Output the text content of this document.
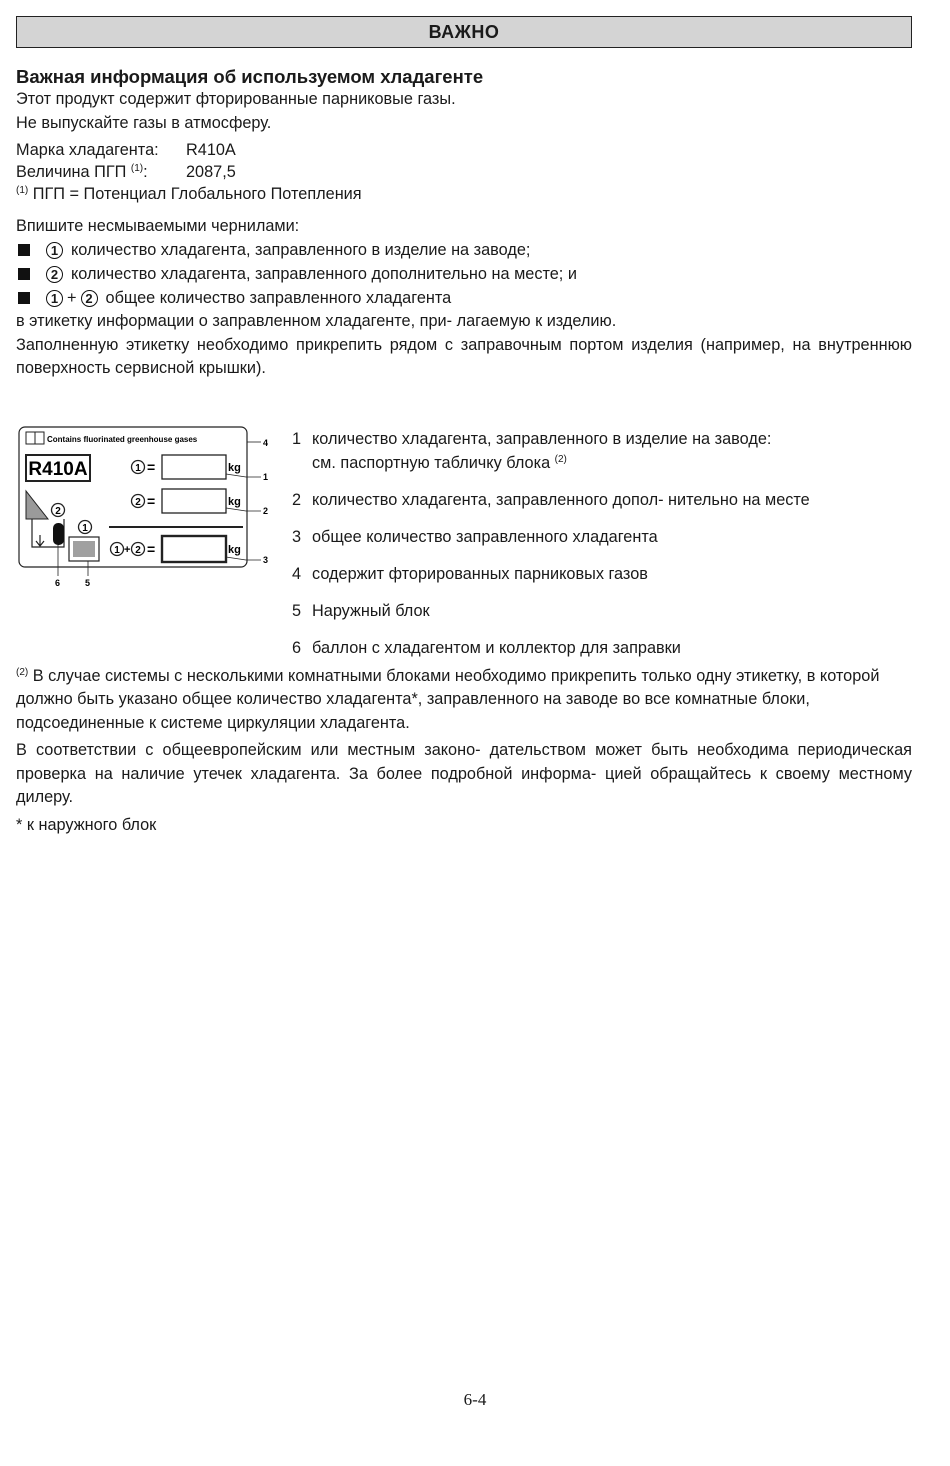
ВАЖНО
Важная информация об используемом хладагенте
Этот продукт содержит фторированные парниковые газы.
Не выпускайте газы в атмосферу.
Марка хладагента:	R410A
Величина ПГП $^{(1)}$:	2087,5
$^{(1)}$ ПГП = Потенциал Глобального Потепления
Впишите несмываемыми чернилами:
1 количество хладагента, заправленного в изделие на заводе;
2 количество хладагента, заправленного дополнительно на месте; и
1 + 2 общее количество заправленного хладагента
в этикетку информации о заправленном хладагенте, при- лагаемую к изделию.
Заполненную этикетку необходимо прикрепить рядом с заправочным портом изделия (например, на внутреннюю поверхность сервисной крышки).
Contains fluorinated greenhouse gases
R410A	1 =	kg
2 =	kg
1 + 2 =	kg
2
1
4
1
2
3
6	5
1 количество хладагента, заправленного в изделие на заводе:
см. паспортную табличку блока $^{(2)}$
2 количество хладагента, заправленного допол- нительно на месте
3 общее количество заправленного хладагента
4 содержит фторированных парниковых газов
5 Наружный блок
6 баллон с хладагентом и коллектор для заправки
$^{(2)}$ В случае системы с несколькими комнатными блоками необходимо прикрепить только одну этикетку, в которой должно быть указано общее количество хладагента*, заправленного на заводе во все комнатные блоки, подсоединенные к системе циркуляции хладагента.
В соответствии с общеевропейским или местным законо- дательством может быть необходима периодическая проверка на наличие утечек хладагента. За более подробной информа- цией обращайтесь к своему местному дилеру.
* к наружного блок
6-4
